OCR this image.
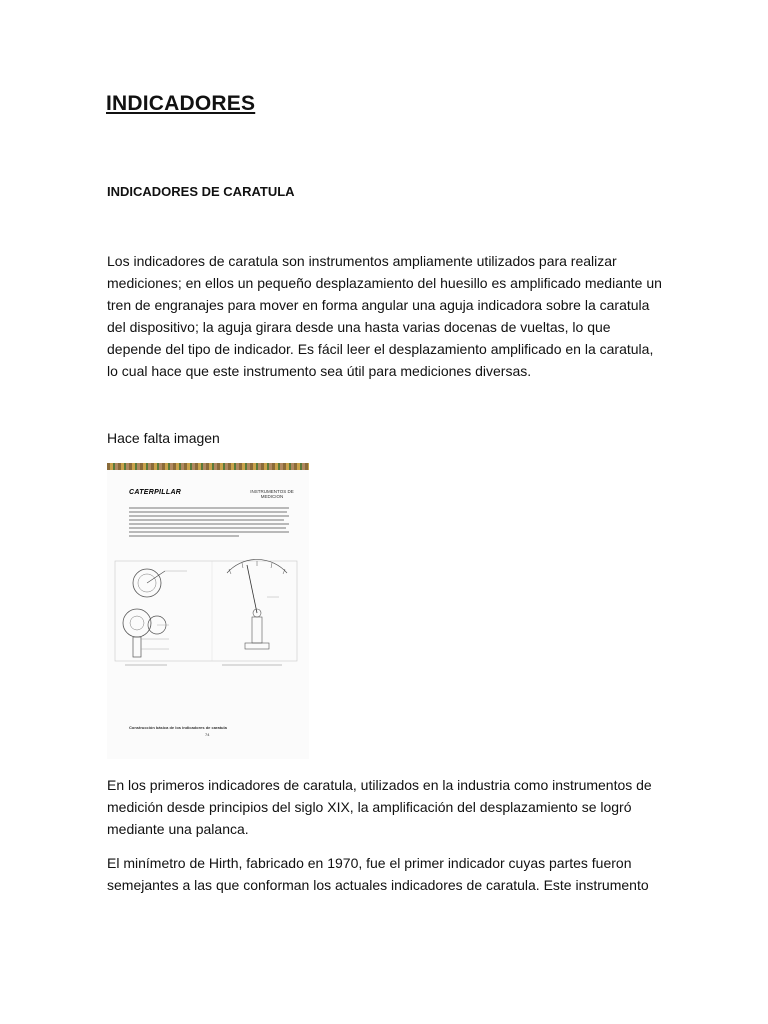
INDICADORES
INDICADORES DE CARATULA

Los indicadores de caratula son instrumentos ampliamente utilizados para realizar mediciones; en ellos un pequeño desplazamiento del huesillo es amplificado mediante un tren de engranajes para mover en forma angular una aguja indicadora sobre la caratula del dispositivo; la aguja girara desde una hasta varias docenas de vueltas, lo que depende del tipo de indicador. Es fácil leer el desplazamiento amplificado en la caratula, lo cual hace que este instrumento sea útil para mediciones diversas.

Hace falta imagen
CATERPILLAR	INSTRUMENTOS DE MEDICION
Construcción básica de los indicadores de caratula
74

En los primeros indicadores de caratula, utilizados en la industria como instrumentos de medición desde principios del siglo XIX, la amplificación del desplazamiento se logró mediante una palanca.

El minímetro de Hirth, fabricado en 1970, fue el primer indicador cuyas partes fueron semejantes a las que conforman los actuales indicadores de caratula. Este instrumento
